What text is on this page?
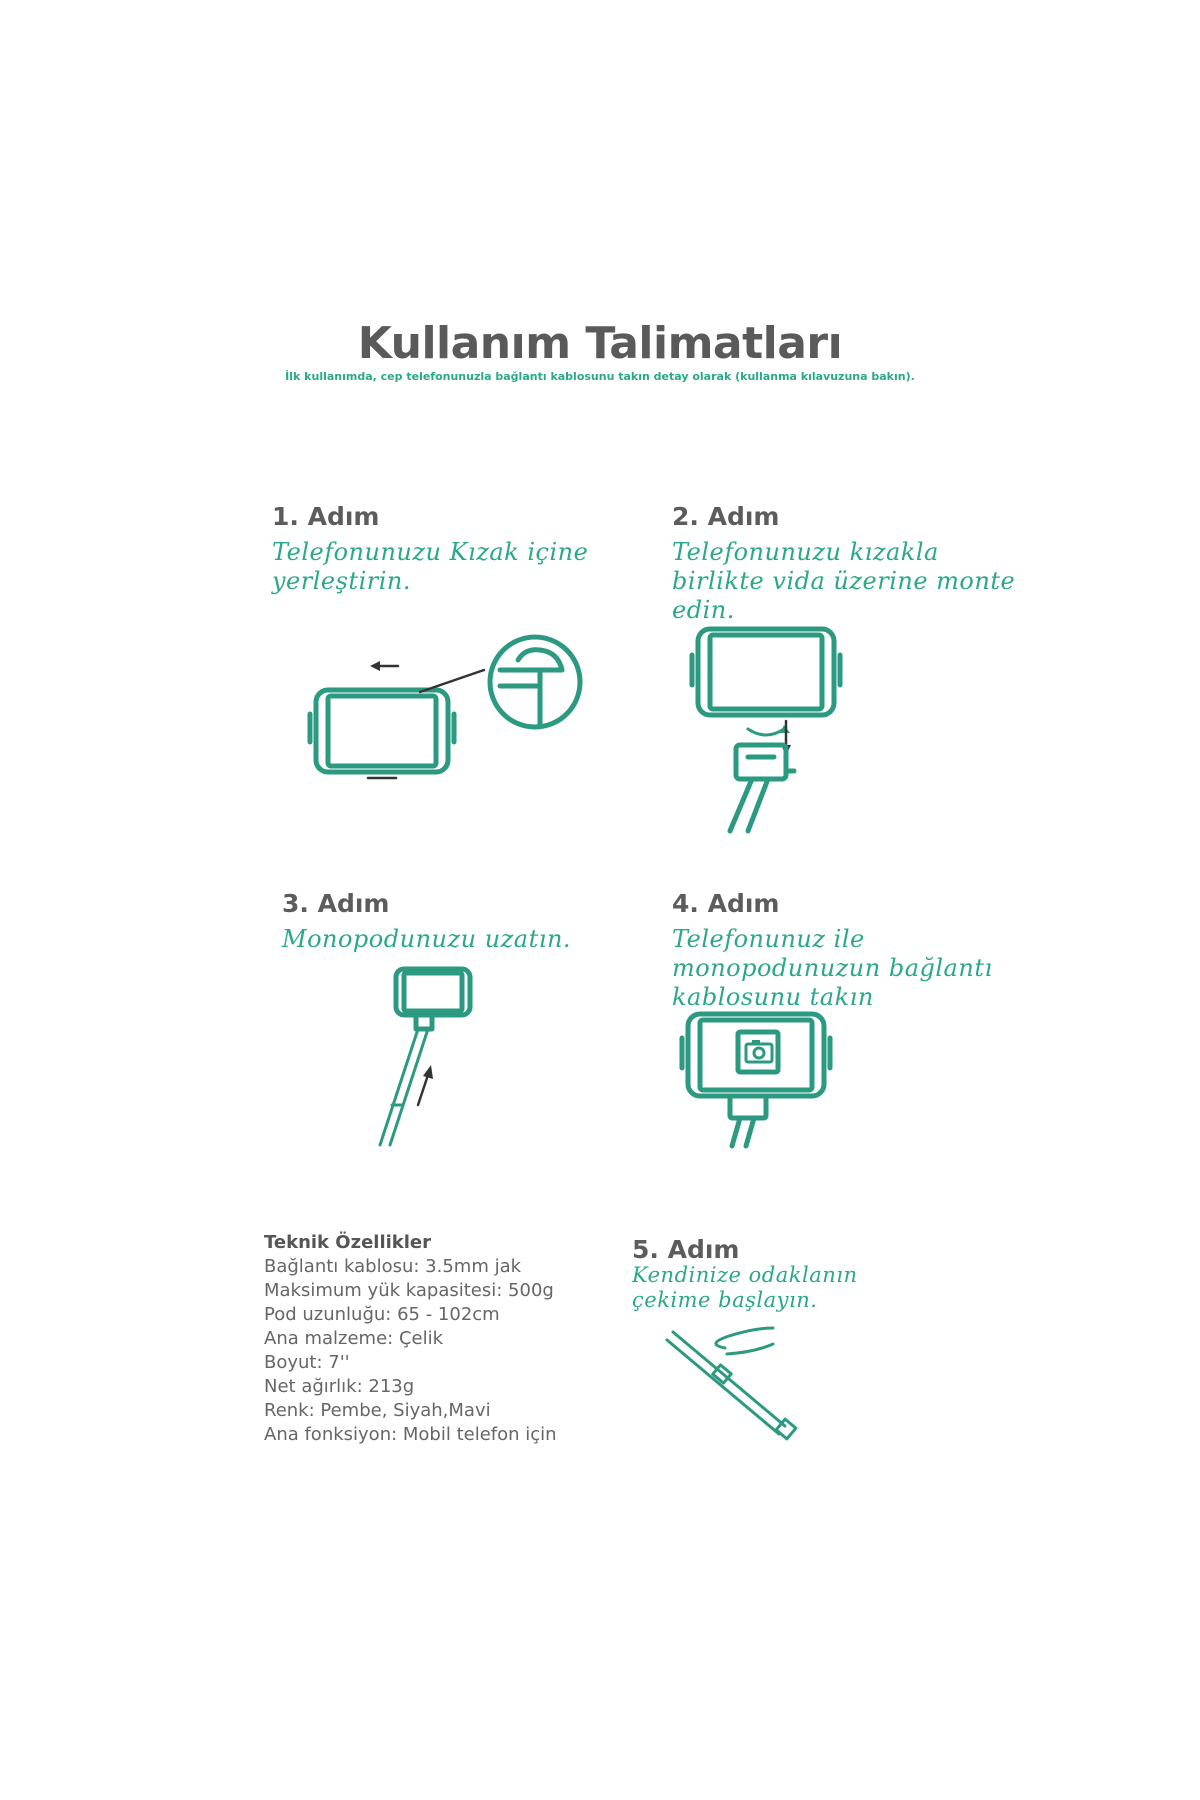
Kullanım Talimatları
İlk kullanımda, cep telefonunuzla bağlantı kablosunu takın detay olarak (kullanma kılavuzuna bakın).
1. Adım
Telefonunuzu Kızak içine
yerleştirin.
2. Adım
Telefonunuzu kızakla
birlikte vida üzerine monte
edin.
3. Adım
Monopodunuzu uzatın.
4. Adım
Telefonunuz ile
monopodunuzun bağlantı
kablosunu takın
Teknik Özellikler
Bağlantı kablosu: 3.5mm jak
Maksimum yük kapasitesi: 500g
Pod uzunluğu: 65 - 102cm
Ana malzeme: Çelik
Boyut: 7''
Net ağırlık: 213g
Renk: Pembe, Siyah,Mavi
Ana fonksiyon: Mobil telefon için
5. Adım
Kendinize odaklanın
çekime başlayın.
